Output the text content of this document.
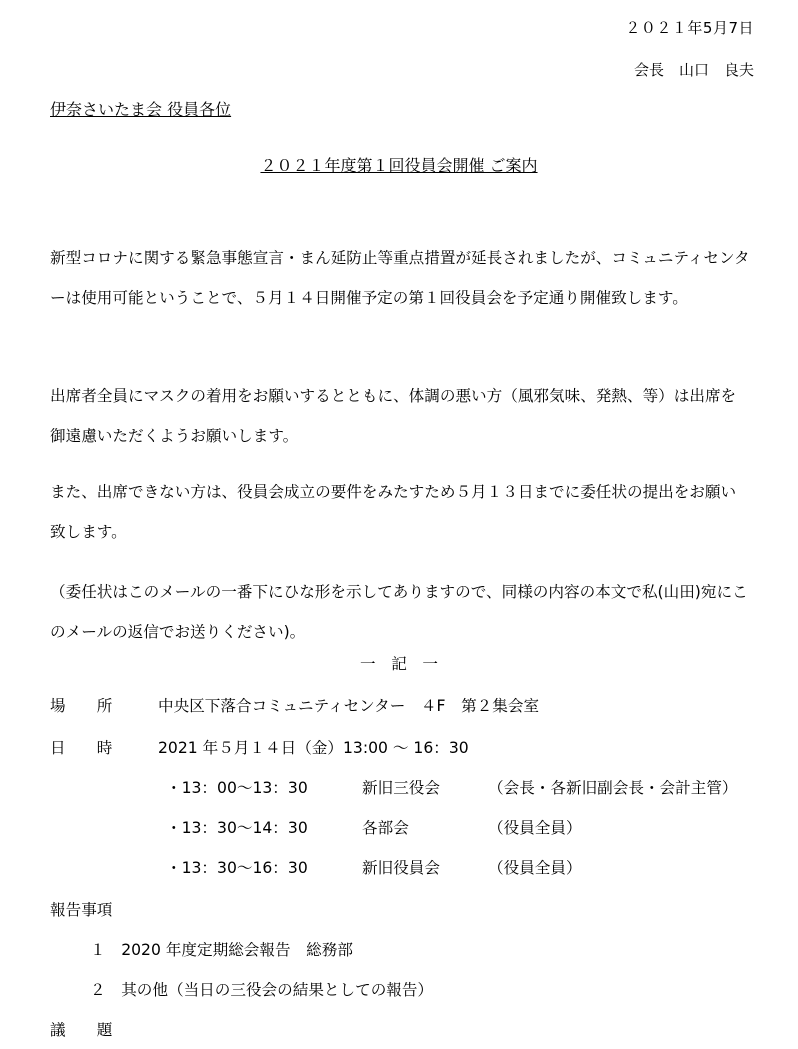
２０２１年5月7日
会長　山口　良夫
伊奈さいたま会 役員各位
２０２１年度第１回役員会開催 ご案内

新型コロナに関する緊急事態宣言・まん延防止等重点措置が延長されましたが、コミュニティセンターは使用可能ということで、５月１４日開催予定の第１回役員会を予定通り開催致します。

出席者全員にマスクの着用をお願いするとともに、体調の悪い方（風邪気味、発熱、等）は出席を御遠慮いただくようお願いします。

また、出席できない方は、役員会成立の要件をみたすため５月１３日までに委任状の提出をお願い致します。

（委任状はこのメールの一番下にひな形を示してありますので、同様の内容の本文で私(山田)宛にこのメールの返信でお送りください)。

一　記　一
場　　所	中央区下落合コミュニティセンター　４F　第２集会室
日　　時	2021 年５月１４日（金）13:00 ～ 16：30
・13：00～13：30	新旧三役会	（会長・各新旧副会長・会計主管）
・13：30～14：30	各部会	（役員全員）
・13：30～16：30	新旧役員会	（役員全員）
報告事項
１　2020 年度定期総会報告　総務部
２　其の他（当日の三役会の結果としての報告）
議　　題
